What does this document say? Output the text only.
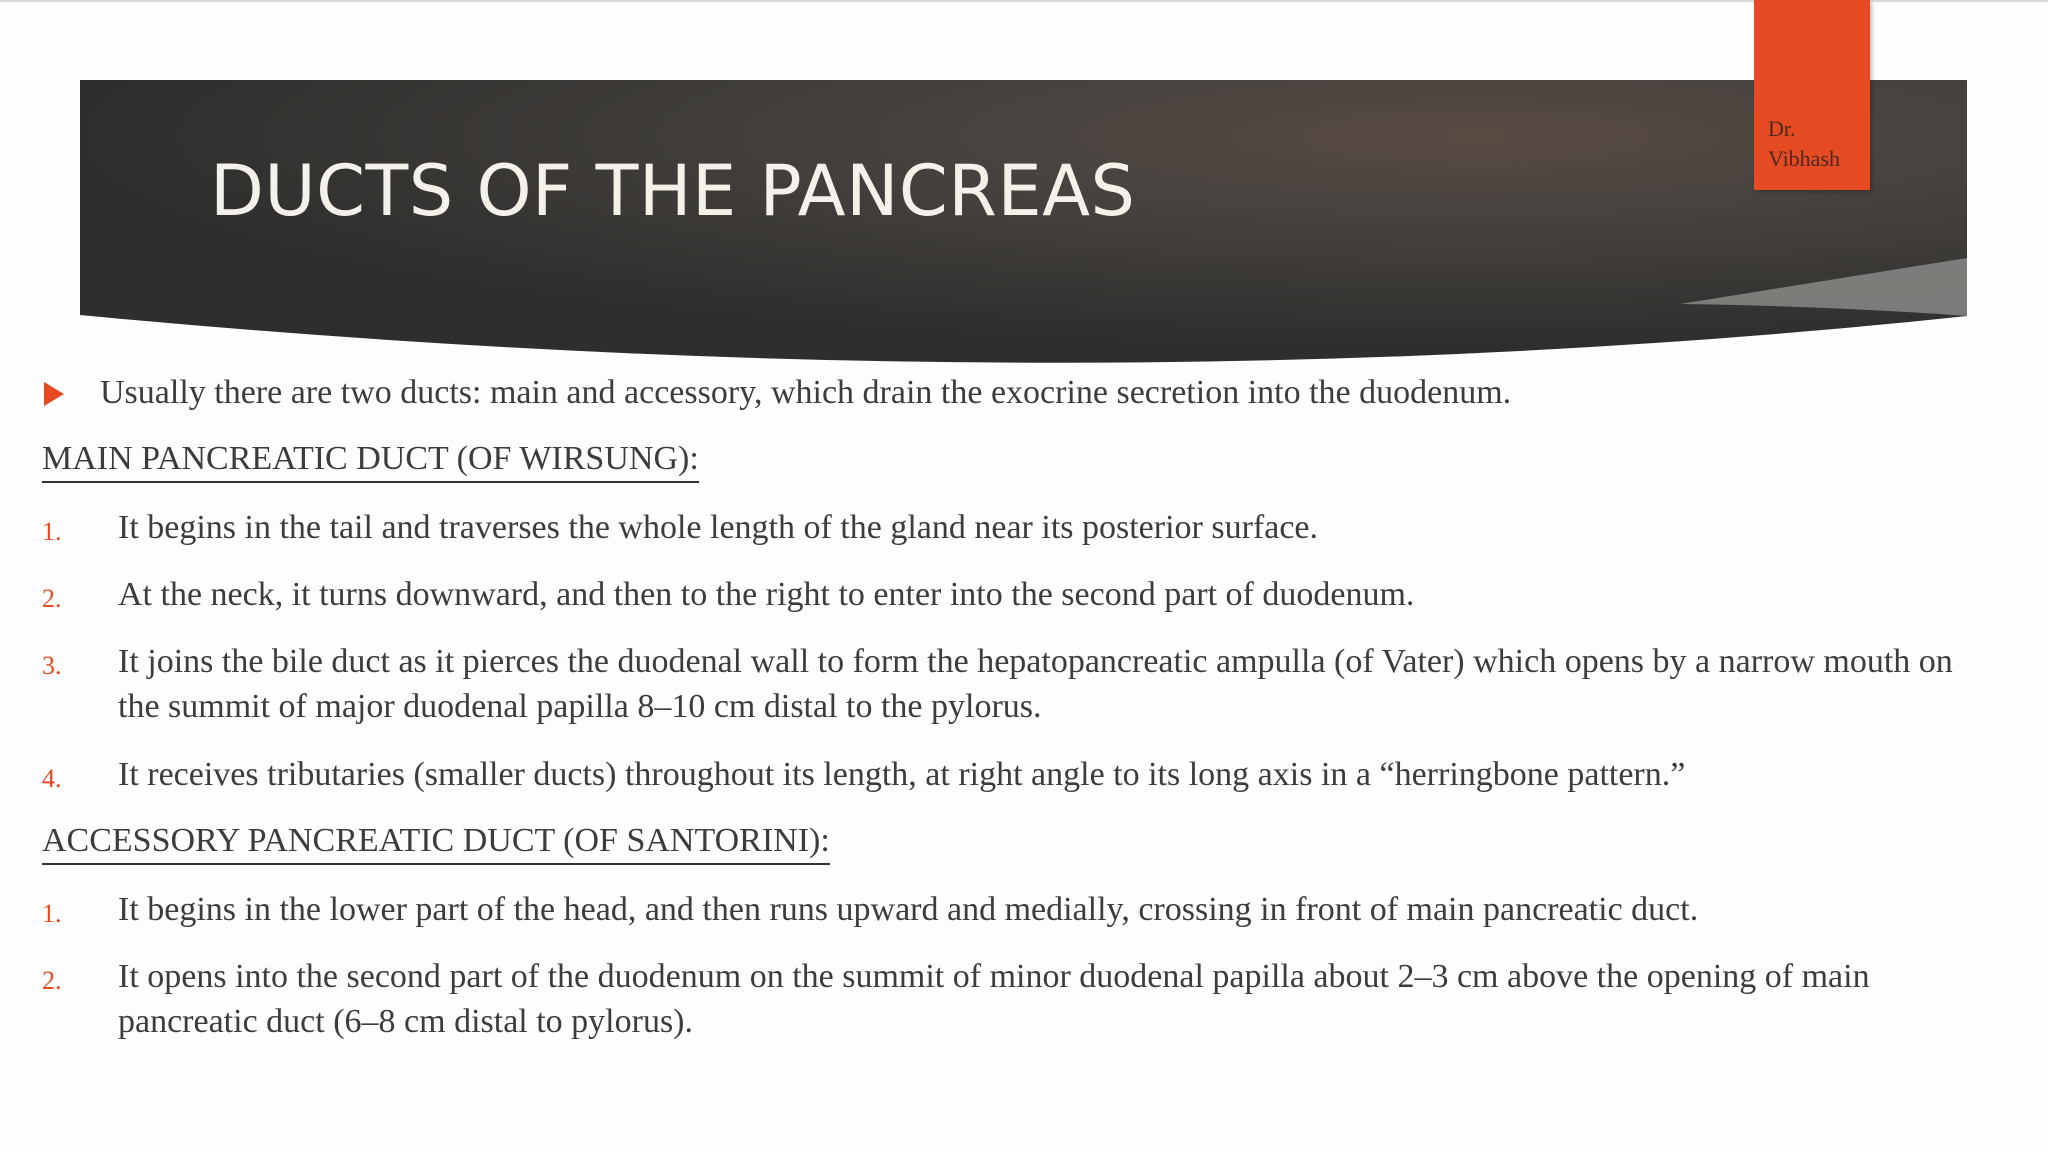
DUCTS OF THE PANCREAS
Dr.
Vibhash

Usually there are two ducts: main and accessory, which drain the exocrine secretion into the duodenum.

MAIN PANCREATIC DUCT (OF WIRSUNG):

1. It begins in the tail and traverses the whole length of the gland near its posterior surface.

2. At the neck, it turns downward, and then to the right to enter into the second part of duodenum.

3. It joins the bile duct as it pierces the duodenal wall to form the hepatopancreatic ampulla (of Vater) which opens by a narrow mouth on the summit of major duodenal papilla 8–10 cm distal to the pylorus.

4. It receives tributaries (smaller ducts) throughout its length, at right angle to its long axis in a “herringbone pattern.”

ACCESSORY PANCREATIC DUCT (OF SANTORINI):

1. It begins in the lower part of the head, and then runs upward and medially, crossing in front of main pancreatic duct.

2. It opens into the second part of the duodenum on the summit of minor duodenal papilla about 2–3 cm above the opening of main pancreatic duct (6–8 cm distal to pylorus).
